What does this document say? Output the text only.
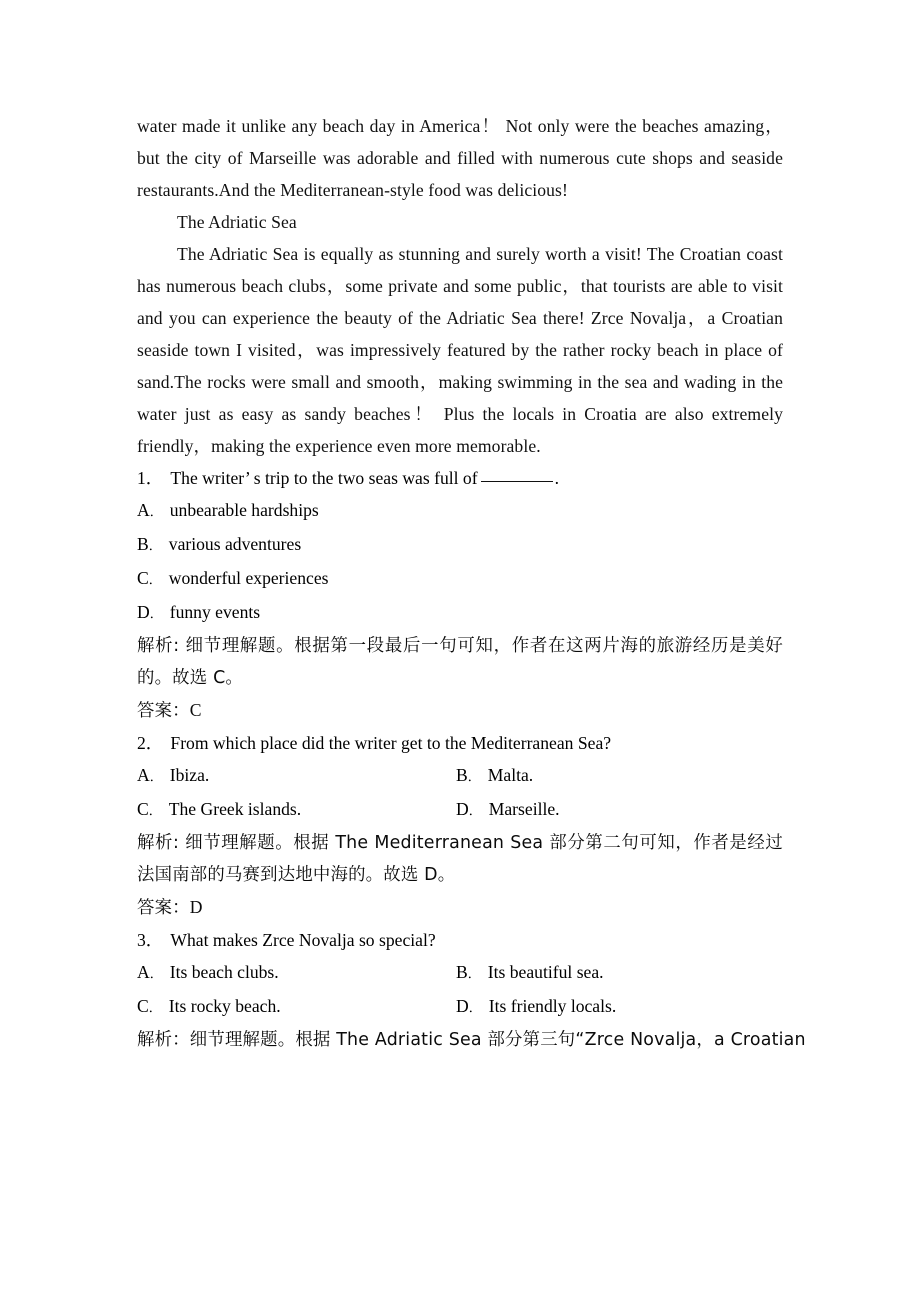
water made it unlike any beach day in America！ Not only were the beaches amazing，but the city of Marseille was adorable and filled with numerous cute shops and seaside restaurants.And the Mediterranean-style food was delicious!

The Adriatic Sea

The Adriatic Sea is equally as stunning and surely worth a visit! The Croatian coast has numerous beach clubs，some private and some public，that tourists are able to visit and you can experience the beauty of the Adriatic Sea there! Zrce Novalja，a Croatian seaside town I visited，was impressively featured by the rather rocky beach in place of sand.The rocks were small and smooth，making swimming in the sea and wading in the water just as easy as sandy beaches！ Plus the locals in Croatia are also extremely friendly，making the experience even more memorable.

1． The writer’ s trip to the two seas was full of	.
A ． unbearable hardships
B ． various adventures
C ． wonderful experiences
D ． funny events

解析: 细节理解题。根据第一段最后一句可知，作者在这两片海的旅游经历是美好的。故选 C。

答案：C

2． From which place did the writer get to the Mediterranean Sea?
A ． Ibiza.	B ． Malta.
C ． The Greek islands.	D ． Marseille.

解析: 细节理解题。根据 The Mediterranean Sea 部分第二句可知，作者是经过法国南部的马赛到达地中海的。故选 D。

答案：D

3． What makes Zrce Novalja so special?
A ． Its beach clubs.	B ． Its beautiful sea.
C ． Its rocky beach.	D ． Its friendly locals.

解析：细节理解题。根据 The Adriatic Sea 部分第三句“Zrce Novalja，a Croatian
